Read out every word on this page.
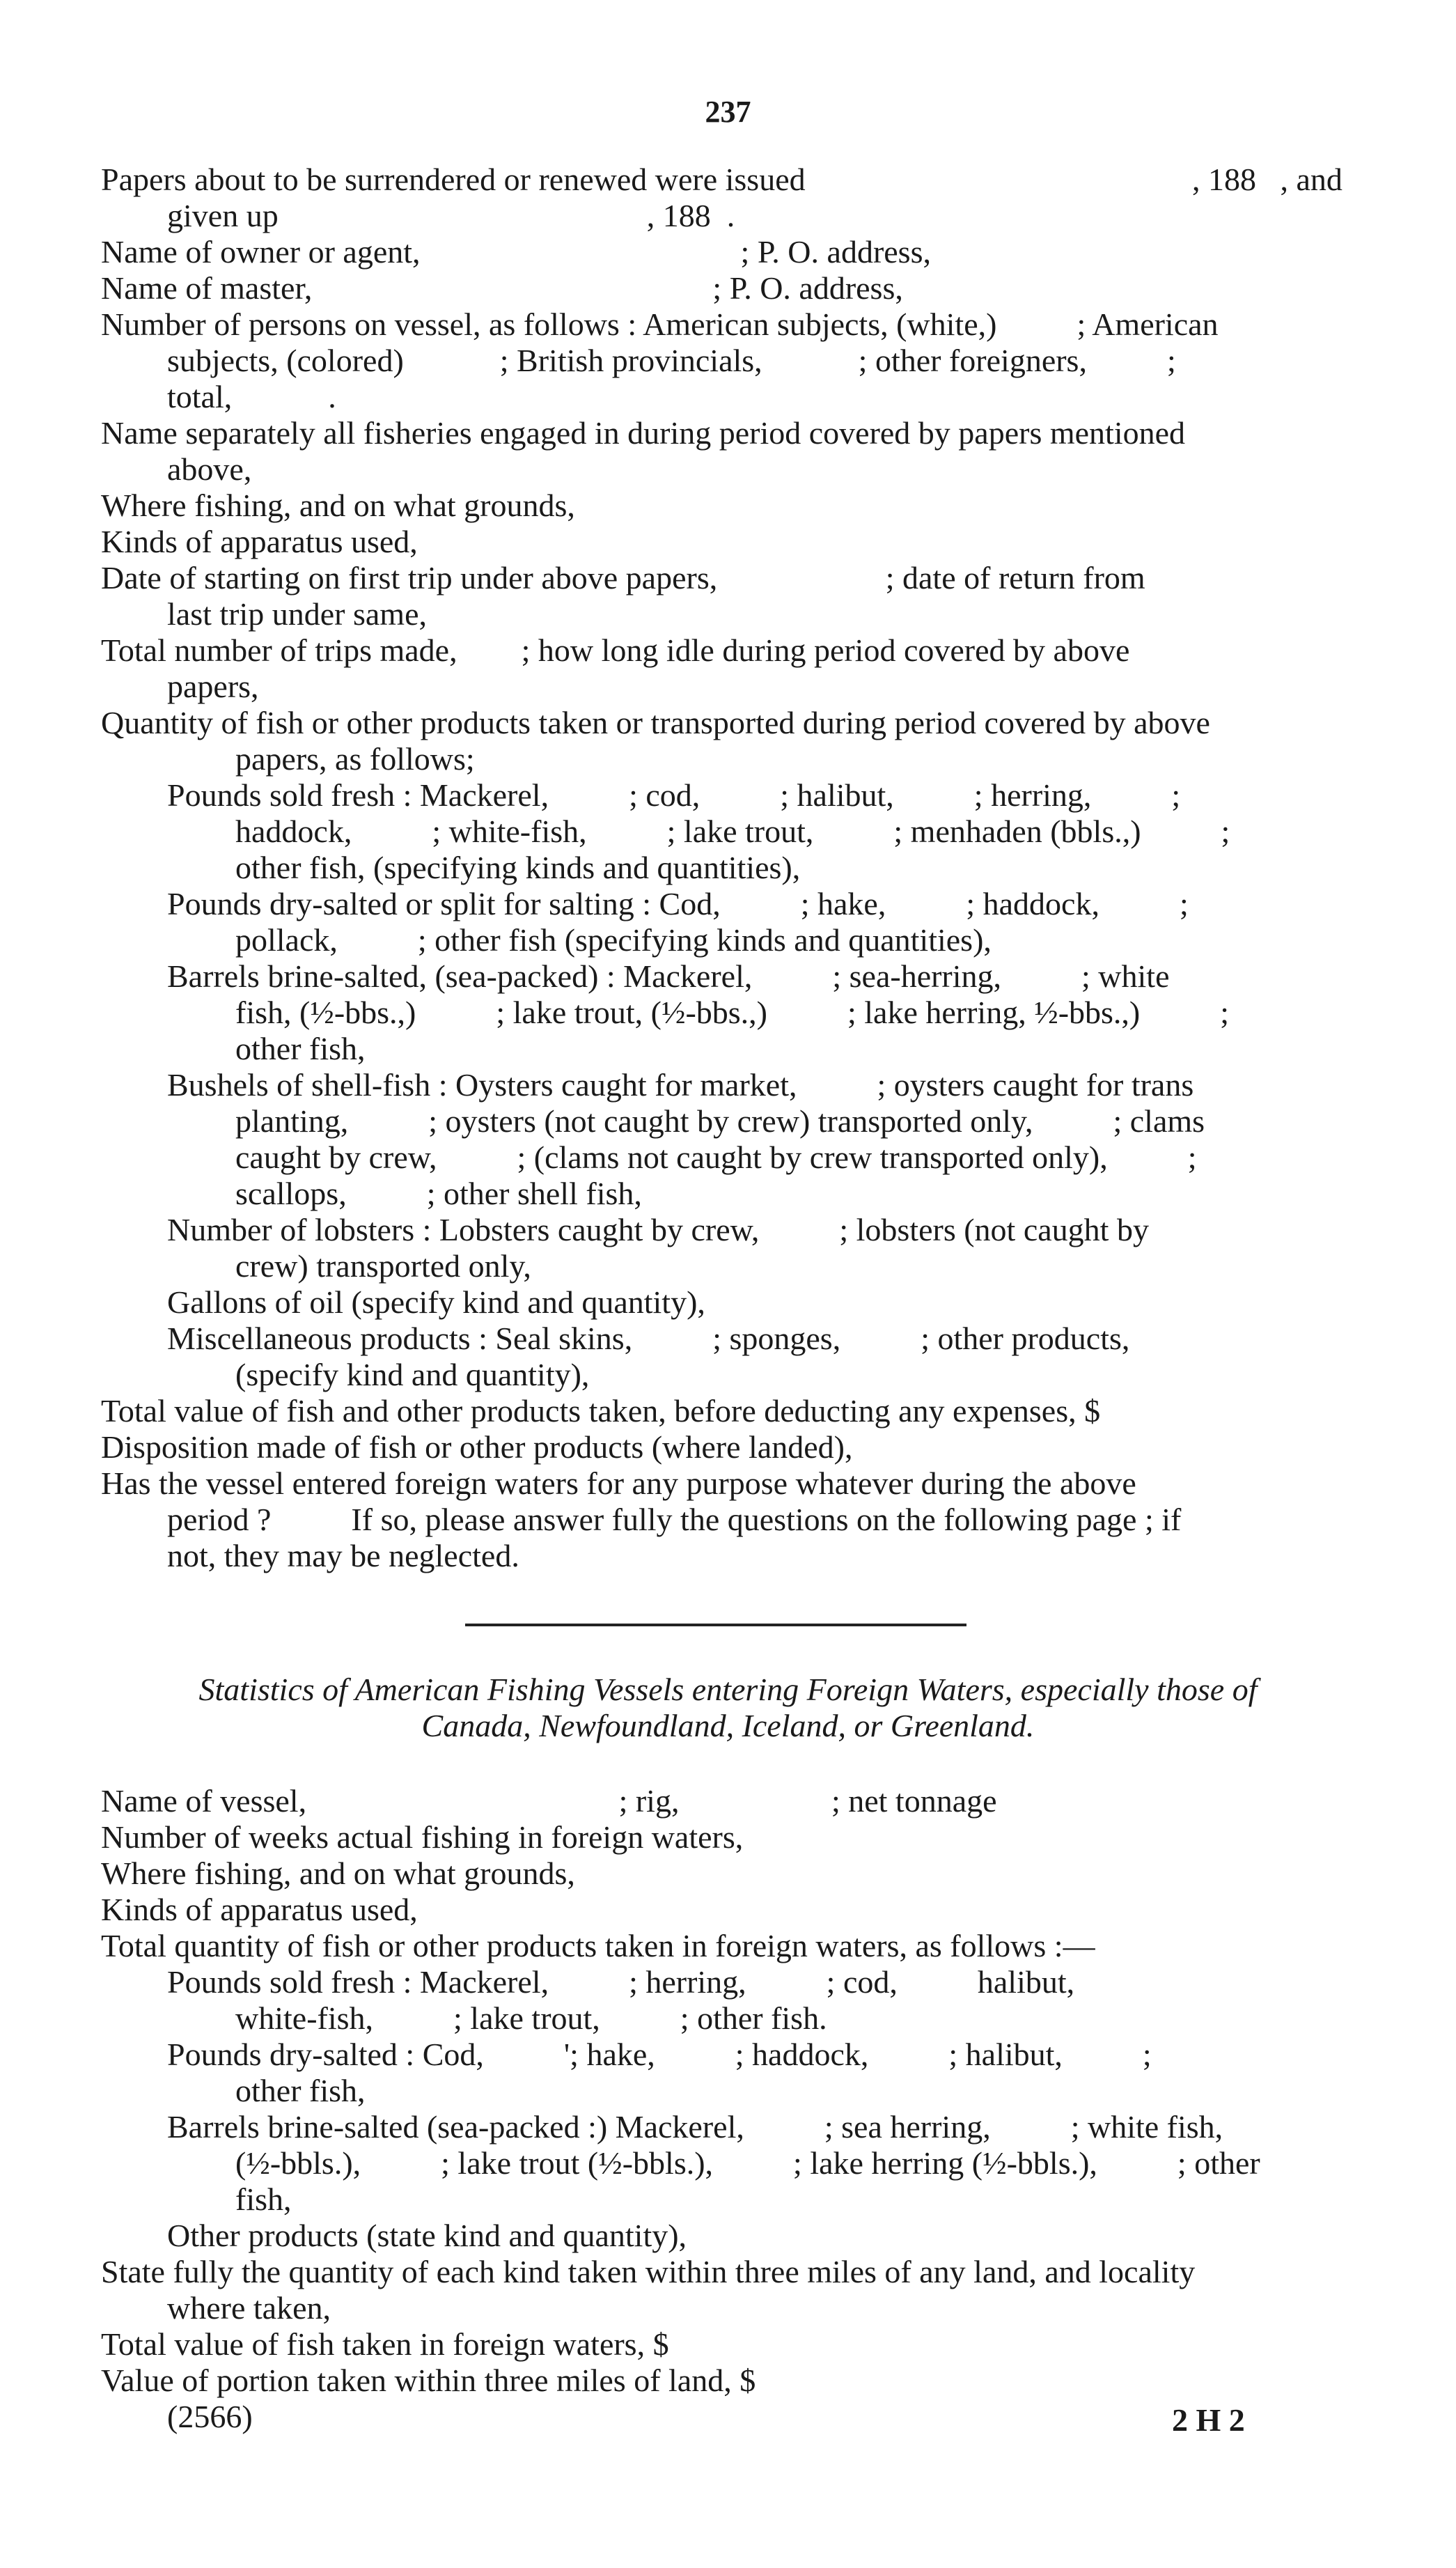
237
, 188   , and
Papers about to be surrendered or renewed were issued
given up                                              , 188  .
Name of owner or agent,                                        ; P. O. address,
Name of master,                                                  ; P. O. address,
Number of persons on vessel, as follows : American subjects, (white,)          ; American
subjects, (colored)            ; British provincials,            ; other foreigners,          ;
total,            .
Name separately all fisheries engaged in during period covered by papers mentioned
above,
Where fishing, and on what grounds,
Kinds of apparatus used,
Date of starting on first trip under above papers,                     ; date of return from
last trip under same,
Total number of trips made,        ; how long idle during period covered by above
papers,
Quantity of fish or other products taken or transported during period covered by above
papers, as follows;
Pounds sold fresh : Mackerel,          ; cod,          ; halibut,          ; herring,          ;
haddock,          ; white-fish,          ; lake trout,          ; menhaden (bbls.,)          ;
other fish, (specifying kinds and quantities),
Pounds dry-salted or split for salting : Cod,          ; hake,          ; haddock,          ;
pollack,          ; other fish (specifying kinds and quantities),
Barrels brine-salted, (sea-packed) : Mackerel,          ; sea-herring,          ; white
fish, (½-bbs.,)          ; lake trout, (½-bbs.,)          ; lake herring, ½-bbs.,)          ;
other fish,
Bushels of shell-fish : Oysters caught for market,          ; oysters caught for trans
planting,          ; oysters (not caught by crew) transported only,          ; clams
caught by crew,          ; (clams not caught by crew transported only),          ;
scallops,          ; other shell fish,
Number of lobsters : Lobsters caught by crew,          ; lobsters (not caught by
crew) transported only,
Gallons of oil (specify kind and quantity),
Miscellaneous products : Seal skins,          ; sponges,          ; other products,
(specify kind and quantity),
Total value of fish and other products taken, before deducting any expenses, $
Disposition made of fish or other products (where landed),
Has the vessel entered foreign waters for any purpose whatever during the above
period ?          If so, please answer fully the questions on the following page ; if
not, they may be neglected.
Statistics of American Fishing Vessels entering Foreign Waters, especially those of
Canada, Newfoundland, Iceland, or Greenland.
Name of vessel,                                       ; rig,                   ; net tonnage
Number of weeks actual fishing in foreign waters,
Where fishing, and on what grounds,
Kinds of apparatus used,
Total quantity of fish or other products taken in foreign waters, as follows :—
Pounds sold fresh : Mackerel,          ; herring,          ; cod,          halibut,
white-fish,          ; lake trout,          ; other fish.
Pounds dry-salted : Cod,          '; hake,          ; haddock,          ; halibut,          ;
other fish,
Barrels brine-salted (sea-packed :) Mackerel,          ; sea herring,          ; white fish,
(½-bbls.),          ; lake trout (½-bbls.),          ; lake herring (½-bbls.),          ; other
fish,
Other products (state kind and quantity),
State fully the quantity of each kind taken within three miles of any land, and locality
where taken,
Total value of fish taken in foreign waters, $
Value of portion taken within three miles of land, $
(2566)	2 H 2
